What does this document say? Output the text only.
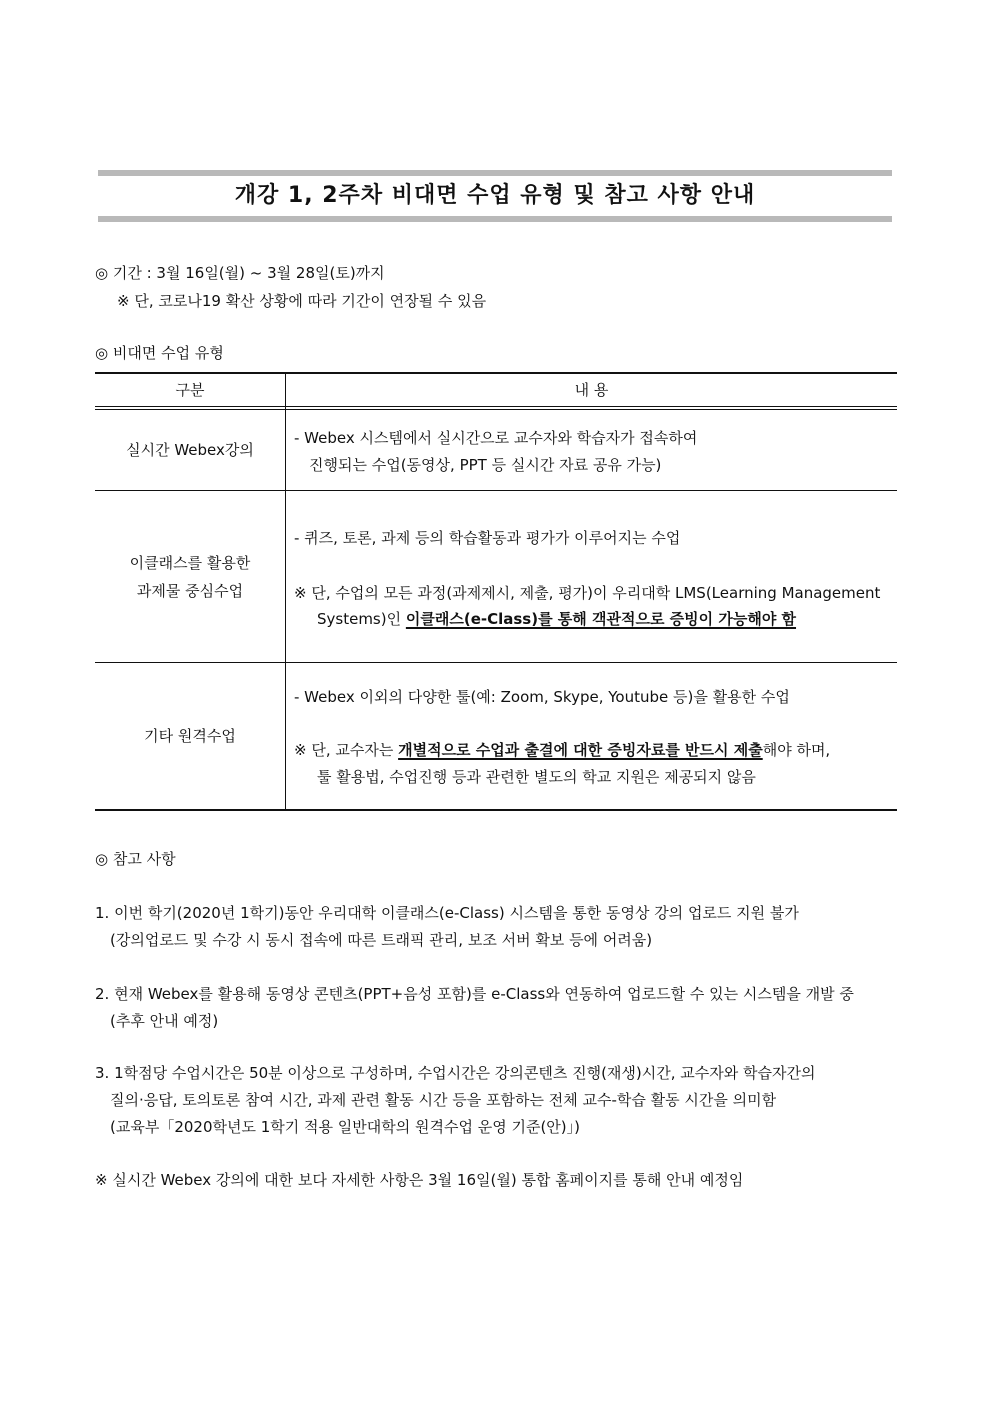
개강 1, 2주차 비대면 수업 유형 및 참고 사항 안내
◎ 기간 : 3월 16일(월) ~ 3월 28일(토)까지
※ 단, 코로나19 확산 상황에 따라 기간이 연장될 수 있음
◎ 비대면 수업 유형
구분	내 용
실시간 Webex강의
- Webex 시스템에서 실시간으로 교수자와 학습자가 접속하여
진행되는 수업(동영상, PPT 등 실시간 자료 공유 가능)
이클래스를 활용한
과제물 중심수업
- 퀴즈, 토론, 과제 등의 학습활동과 평가가 이루어지는 수업
※ 단, 수업의 모든 과정(과제제시, 제출, 평가)이 우리대학 LMS(Learning Management
Systems)인 이클래스(e-Class)를 통해 객관적으로 증빙이 가능해야 함
기타 원격수업
- Webex 이외의 다양한 툴(예: Zoom, Skype, Youtube 등)을 활용한 수업
※ 단, 교수자는 개별적으로 수업과 출결에 대한 증빙자료를 반드시 제출해야 하며,
툴 활용법, 수업진행 등과 관련한 별도의 학교 지원은 제공되지 않음
◎ 참고 사항
1. 이번 학기(2020년 1학기)동안 우리대학 이클래스(e-Class) 시스템을 통한 동영상 강의 업로드 지원 불가
(강의업로드 및 수강 시 동시 접속에 따른 트래픽 관리, 보조 서버 확보 등에 어려움)
2. 현재 Webex를 활용해 동영상 콘텐츠(PPT+음성 포함)를 e-Class와 연동하여 업로드할 수 있는 시스템을 개발 중
(추후 안내 예정)
3. 1학점당 수업시간은 50분 이상으로 구성하며, 수업시간은 강의콘텐츠 진행(재생)시간, 교수자와 학습자간의
질의·응답, 토의토론 참여 시간, 과제 관련 활동 시간 등을 포함하는 전체 교수-학습 활동 시간을 의미함
(교육부「2020학년도 1학기 적용 일반대학의 원격수업 운영 기준(안)」)
※ 실시간 Webex 강의에 대한 보다 자세한 사항은 3월 16일(월) 통합 홈페이지를 통해 안내 예정임
